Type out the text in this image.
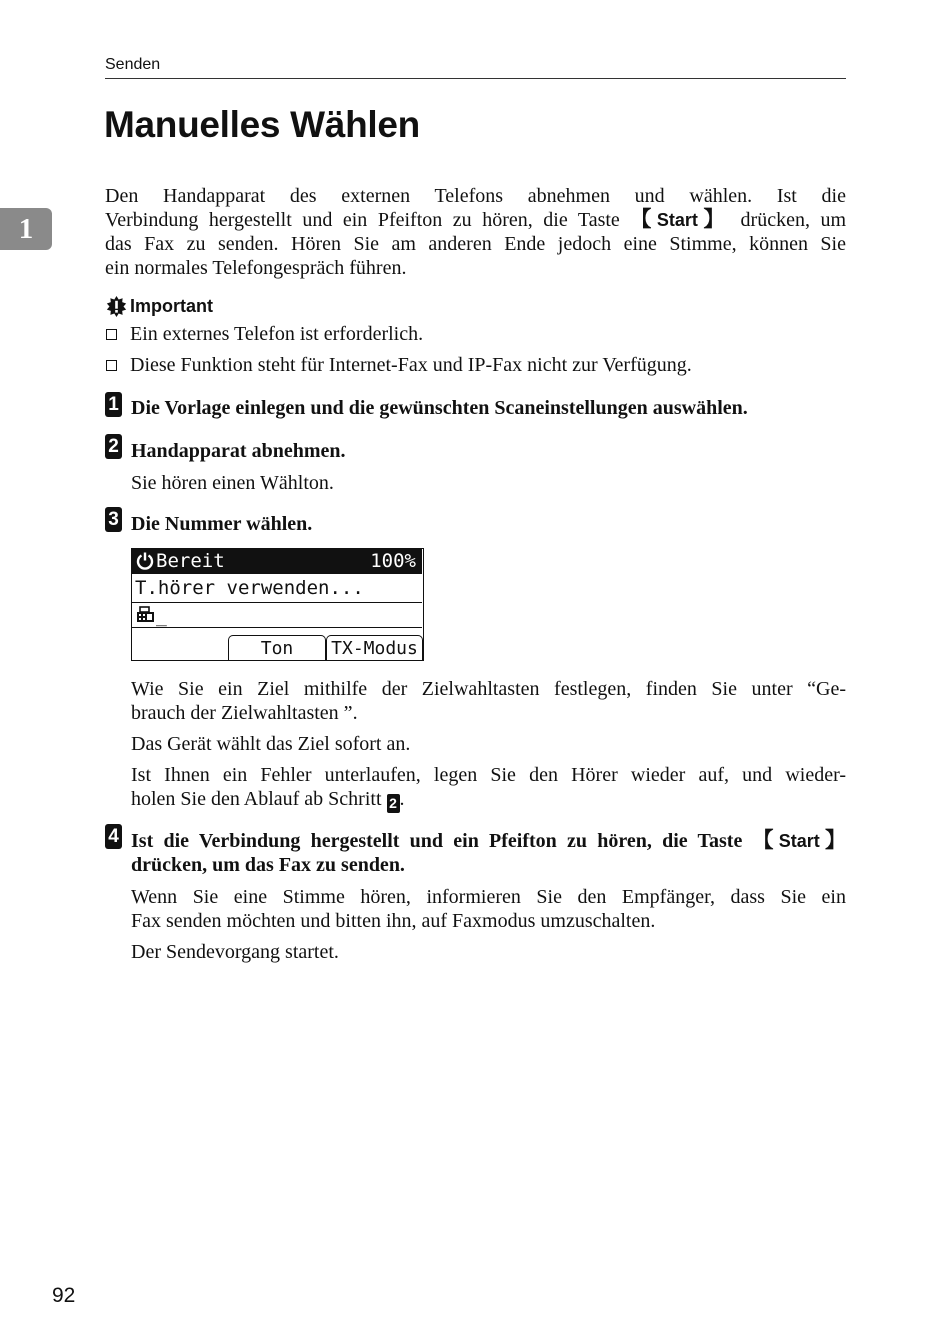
Senden
Manuelles Wählen
1
Den Handapparat des externen Telefons abnehmen und wählen. Ist die
Verbindung hergestellt und ein Pfeifton zu hören, die Taste 【Start】 drücken, um
das Fax zu senden. Hören Sie am anderen Ende jedoch eine Stimme, können Sie
ein normales Telefongespräch führen.
Important
Ein externes Telefon ist erforderlich.
Diese Funktion steht für Internet-Fax und IP-Fax nicht zur Verfügung.
1 Die Vorlage einlegen und die gewünschten Scaneinstellungen auswählen.
2 Handapparat abnehmen.
Sie hören einen Wählton.
3 Die Nummer wählen.
Bereit	100%
T.hörer verwenden...
_
Ton	TX-Modus
Wie Sie ein Ziel mithilfe der Zielwahltasten festlegen, finden Sie unter “Ge-
brauch der Zielwahltasten ”.
Das Gerät wählt das Ziel sofort an.
Ist Ihnen ein Fehler unterlaufen, legen Sie den Hörer wieder auf, und wieder-
holen Sie den Ablauf ab Schritt 2 .
4 Ist die Verbindung hergestellt und ein Pfeifton zu hören, die Taste 【Start】
drücken, um das Fax zu senden.
Wenn Sie eine Stimme hören, informieren Sie den Empfänger, dass Sie ein
Fax senden möchten und bitten ihn, auf Faxmodus umzuschalten.
Der Sendevorgang startet.
92
